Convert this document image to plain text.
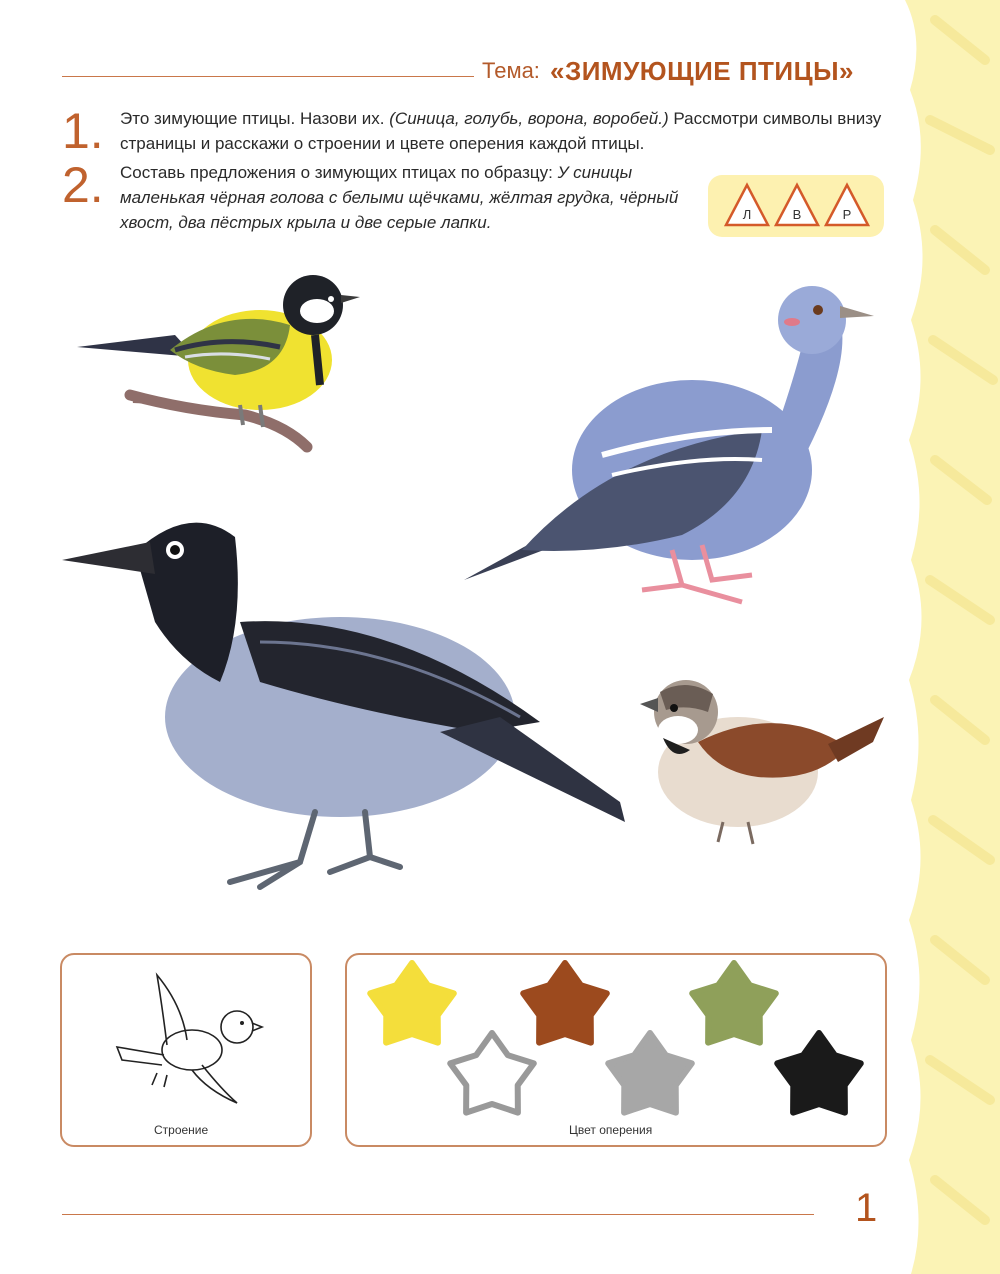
Тема: «ЗИМУЮЩИЕ ПТИЦЫ»
1. Это зимующие птицы. Назови их. (Синица, голубь, ворона, воробей.) Рассмотри символы внизу страницы и расскажи о строении и цвете оперения каждой птицы.
2. Составь предложения о зимующих птицах по образцу: У синицы маленькая чёрная голова с белыми щёчками, жёлтая грудка, чёрный хвост, два пёстрых крыла и две серые лапки.	Л	В	Р
Строение	Цвет оперения
1
